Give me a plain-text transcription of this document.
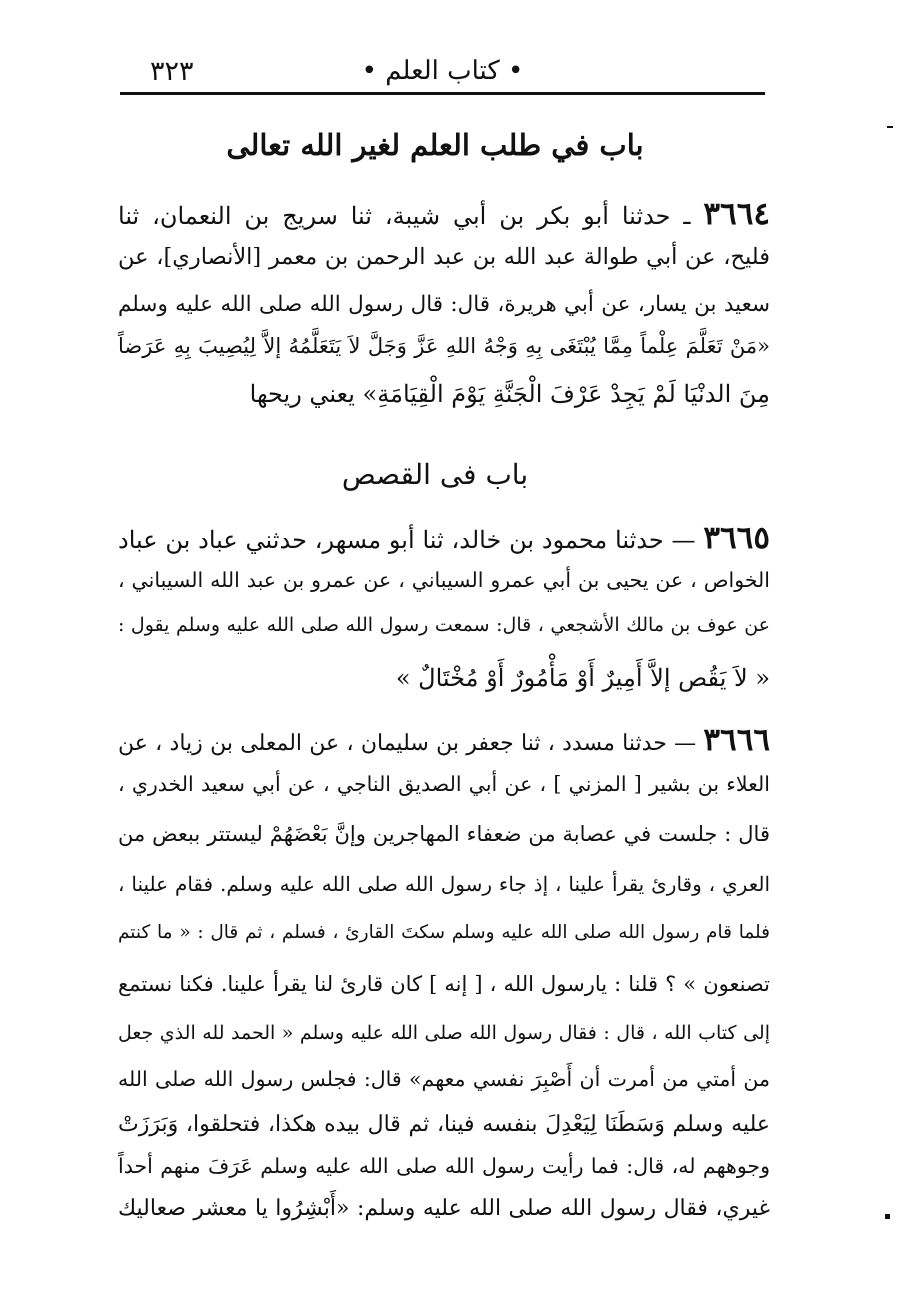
٣٢٣	• كتاب العلم •
باب في طلب العلم لغير الله تعالى
٣٦٦٤ ـ حدثنا أبو بكر بن أبي شيبة، ثنا سريج بن النعمان، ثنا
فليح، عن أبي طوالة عبد الله بن عبد الرحمن بن معمر [الأنصاري]، عن
سعيد بن يسار، عن أبي هريرة، قال: قال رسول الله صلى الله عليه وسلم
«مَنْ تَعَلَّمَ عِلْماً مِمَّا يُبْتَغَى بِهِ وَجْهُ اللهِ عَزَّ وَجَلَّ لاَ يَتَعَلَّمُهُ إلاَّ لِيُصِيبَ بِهِ عَرَضاً
مِنَ الدنْيَا لَمْ يَجِدْ عَرْفَ الْجَنَّةِ يَوْمَ الْقِيَامَةِ» يعني ريحها
باب فى القصص
٣٦٦٥ — حدثنا محمود بن خالد، ثنا أبو مسهر، حدثني عباد بن عباد
الخواص ، عن يحيى بن أبي عمرو السيباني ، عن عمرو بن عبد الله السيباني ،
عن عوف بن مالك الأشجعي ، قال: سمعت رسول الله صلى الله عليه وسلم يقول :
« لاَ يَقُص إلاَّ أَمِيرٌ أَوْ مَأْمُورٌ أَوْ مُخْتَالٌ »
٣٦٦٦ — حدثنا مسدد ، ثنا جعفر بن سليمان ، عن المعلى بن زياد ، عن
العلاء بن بشير [ المزني ] ، عن أبي الصديق الناجي ، عن أبي سعيد الخدري ،
قال : جلست في عصابة من ضعفاء المهاجرين وإنَّ بَعْضَهُمْ ليستتر ببعض من
العري ، وقارئ يقرأ علينا ، إذ جاء رسول الله صلى الله عليه وسلم. فقام علينا ،
فلما قام رسول الله صلى الله عليه وسلم سكتَ القارئ ، فسلم ، ثم قال : « ما كنتم
تصنعون » ؟ قلنا : يارسول الله ، [ إنه ] كان قارئ لنا يقرأ علينا. فكنا نستمع
إلى كتاب الله ، قال : فقال رسول الله صلى الله عليه وسلم « الحمد لله الذي جعل
من أمتي من أمرت أن أَصْبِرَ نفسي معهم» قال: فجلس رسول الله صلى الله
عليه وسلم وَسَطَنَا لِيَعْدِلَ بنفسه فينا، ثم قال بيده هكذا، فتحلقوا، وَبَرَزَتْ
وجوههم له، قال: فما رأيت رسول الله صلى الله عليه وسلم عَرَفَ منهم أحداً
غيري، فقال رسول الله صلى الله عليه وسلم: «أَبْشِرُوا يا معشر صعاليك
